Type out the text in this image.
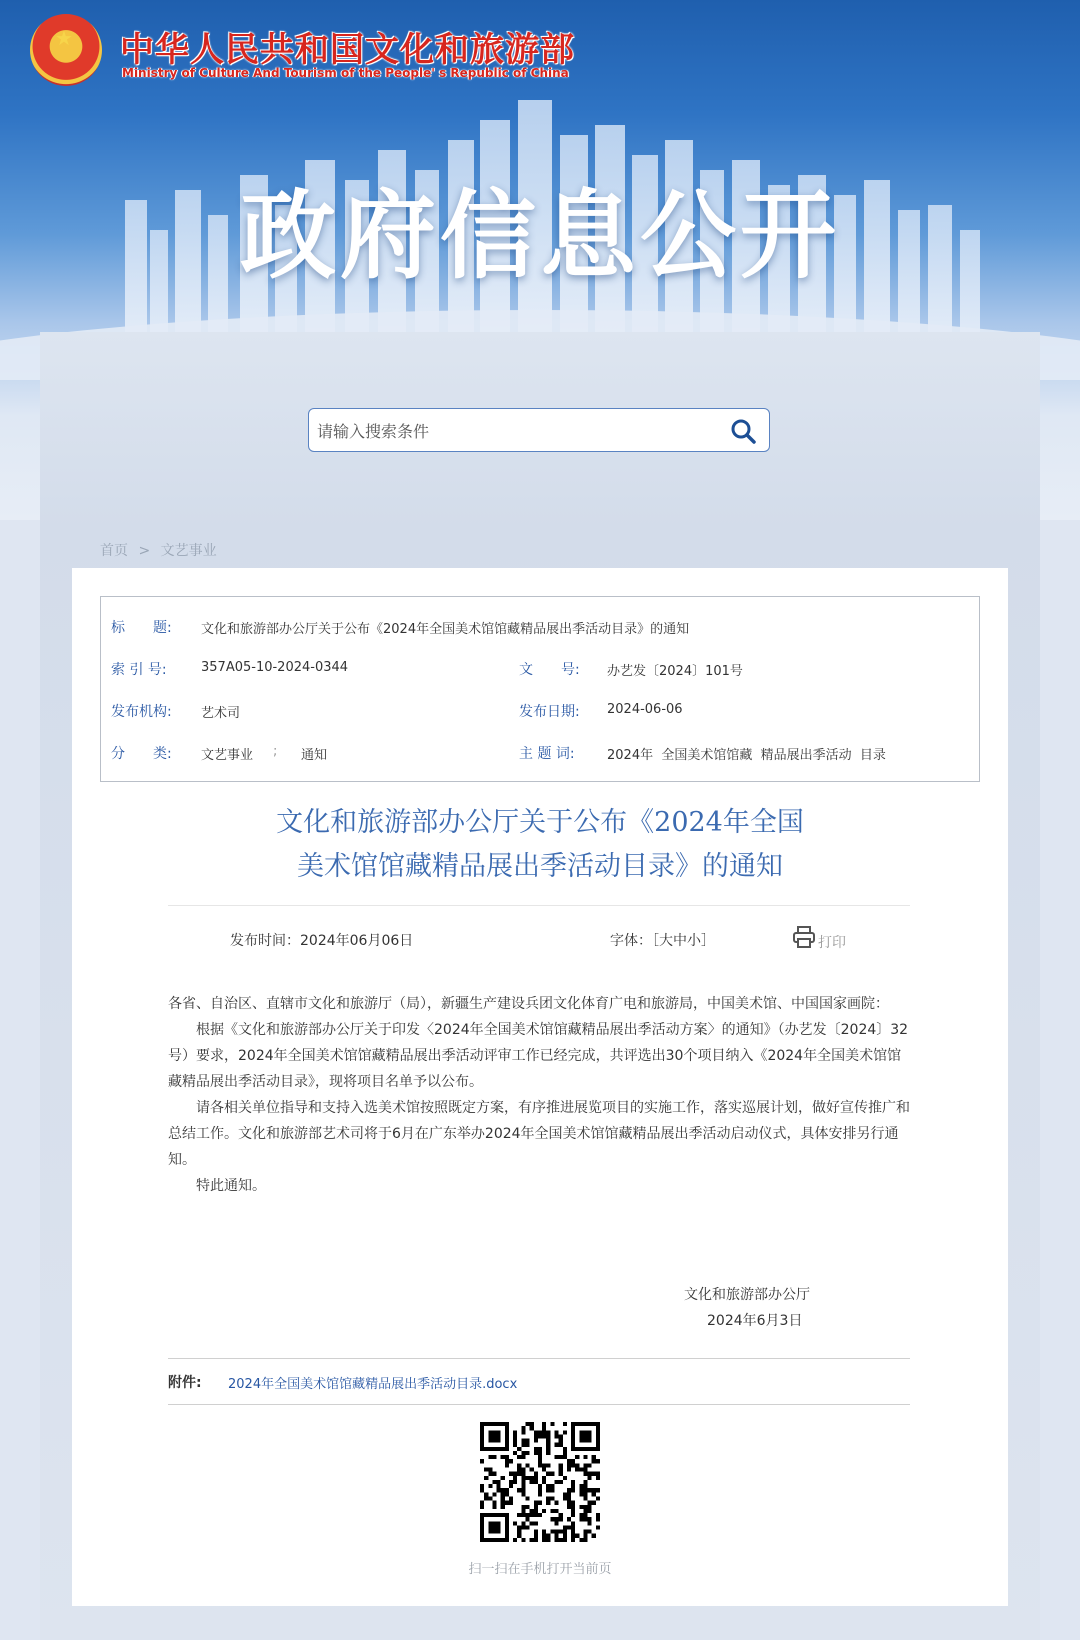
★ 中华人民共和国文化和旅游部
Ministry of Culture And Tourism of the People' s Republic of China
政府信息公开
请输入搜索条件
首页 > 文艺事业
标　　题: 文化和旅游部办公厅关于公布《2024年全国美术馆馆藏精品展出季活动目录》的通知
索 引 号:	357A05-10-2024-0344	文　　号: 办艺发〔2024〕101号
发布机构: 艺术司	发布日期: 2024-06-06
分　　类: 文艺事业 ; 通知	主 题 词: 2024年  全国美术馆馆藏  精品展出季活动  目录
文化和旅游部办公厅关于公布《2024年全国
美术馆馆藏精品展出季活动目录》的通知
发布时间：2024年06月06日	字体：［大中小］	打印

各省、自治区、直辖市文化和旅游厅（局），新疆生产建设兵团文化体育广电和旅游局，中国美术馆、中国国家画院：

根据《文化和旅游部办公厅关于印发〈2024年全国美术馆馆藏精品展出季活动方案〉的通知》（办艺发〔2024〕32号）要求，2024年全国美术馆馆藏精品展出季活动评审工作已经完成，共评选出30个项目纳入《2024年全国美术馆馆藏精品展出季活动目录》，现将项目名单予以公布。

请各相关单位指导和支持入选美术馆按照既定方案，有序推进展览项目的实施工作，落实巡展计划，做好宣传推广和总结工作。文化和旅游部艺术司将于6月在广东举办2024年全国美术馆馆藏精品展出季活动启动仪式，具体安排另行通知。

特此通知。

文化和旅游部办公厅
2024年6月3日
附件: 2024年全国美术馆馆藏精品展出季活动目录.docx
扫一扫在手机打开当前页
